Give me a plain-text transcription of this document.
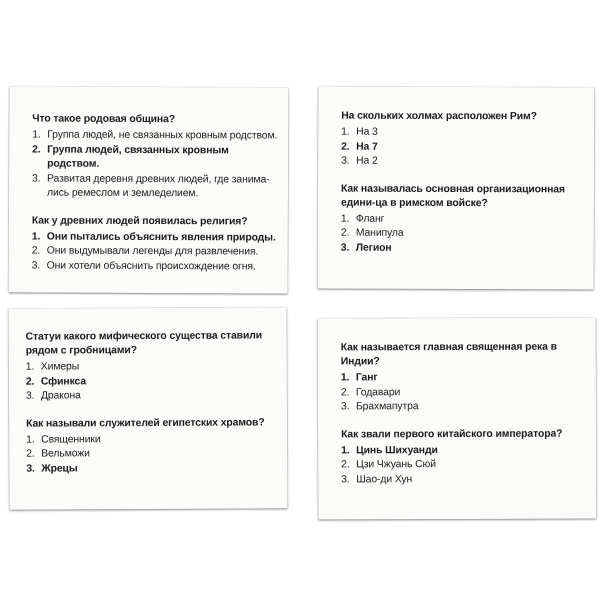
Что такое родовая община?
1. Группа людей, не связанных кровным родством.
2. Группа людей, связанных кровным родством.
3. Развитая деревня древних людей, где занима-лись ремеслом и земледелием.
Как у древних людей появилась религия?
1. Они пытались объяснить явления природы.
2. Они выдумывали легенды для развлечения.
3. Они хотели объяснить происхождение огня.
На скольких холмах расположен Рим?
1. На 3
2. На 7
3. На 2
Как называлась основная организационная едини-ца в римском войске?
1. Фланг
2. Манипула
3. Легион
Статуи какого мифического существа ставили рядом с гробницами?
1. Химеры
2. Сфинкса
3. Дракона
Как называли служителей египетских храмов?
1. Священники
2. Вельможи
3. Жрецы
Как называется главная священная река в Индии?
1. Ганг
2. Годавари
3. Брахмапутра
Как звали первого китайского императора?
1. Цинь Шихуанди
2. Цзи Чжуань Сюй
3. Шао-ди Хун
